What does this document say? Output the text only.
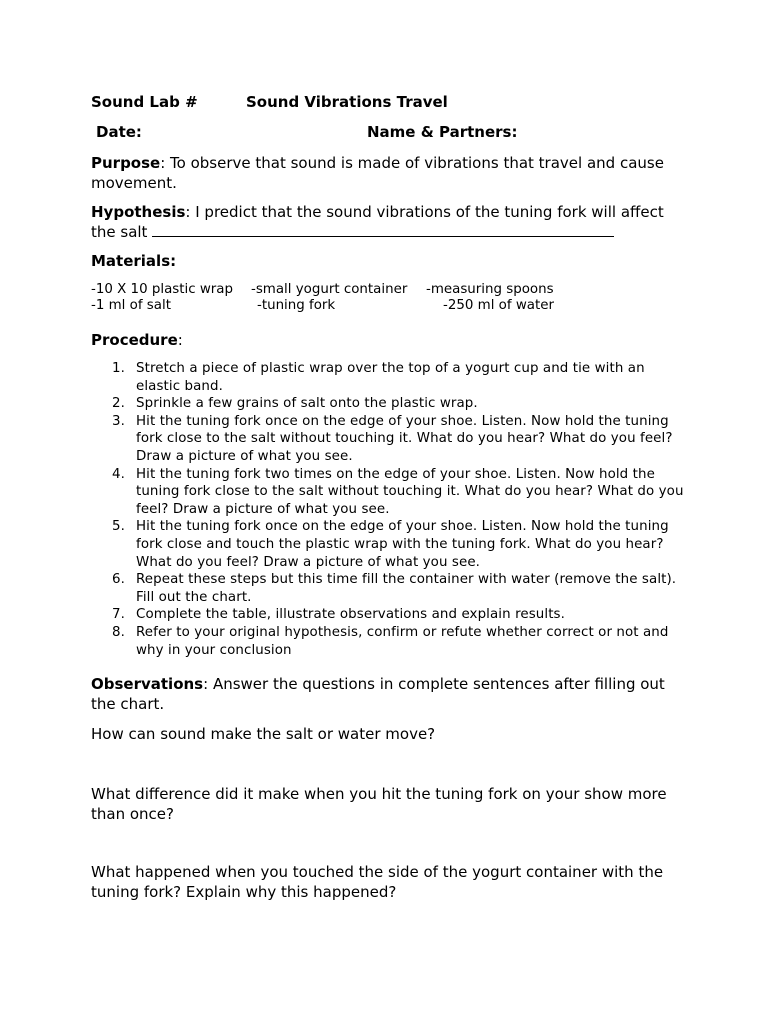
Sound Lab #	Sound Vibrations Travel
Date:	Name & Partners:
Purpose: To observe that sound is made of vibrations that travel and cause movement.
Hypothesis: I predict that the sound vibrations of the tuning fork will affect the salt
Materials:
-10 X 10 plastic wrap -small yogurt container -measuring spoons
-1 ml of salt	-tuning fork	-250 ml of water
Procedure:
1. Stretch a piece of plastic wrap over the top of a yogurt cup and tie with an elastic band.
2. Sprinkle a few grains of salt onto the plastic wrap.
3. Hit the tuning fork once on the edge of your shoe. Listen. Now hold the tuning fork close to the salt without touching it. What do you hear? What do you feel? Draw a picture of what you see.
4. Hit the tuning fork two times on the edge of your shoe. Listen. Now hold the tuning fork close to the salt without touching it. What do you hear? What do you feel? Draw a picture of what you see.
5. Hit the tuning fork once on the edge of your shoe. Listen. Now hold the tuning fork close and touch the plastic wrap with the tuning fork. What do you hear? What do you feel? Draw a picture of what you see.
6. Repeat these steps but this time fill the container with water (remove the salt). Fill out the chart.
7. Complete the table, illustrate observations and explain results.
8. Refer to your original hypothesis, confirm or refute whether correct or not and why in your conclusion
Observations: Answer the questions in complete sentences after filling out the chart.
How can sound make the salt or water move?
What difference did it make when you hit the tuning fork on your show more than once?
What happened when you touched the side of the yogurt container with the tuning fork? Explain why this happened?
